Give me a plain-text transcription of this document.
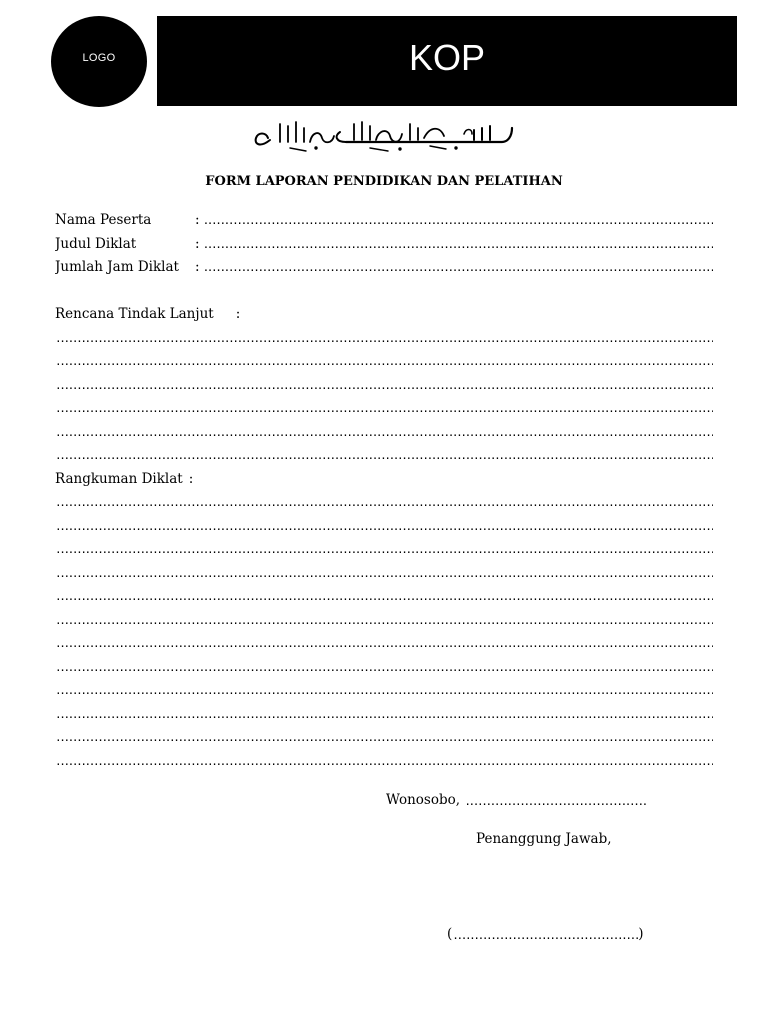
LOGO	KOP
FORM LAPORAN PENDIDIKAN DAN PELATIHAN
Nama Peserta	:
.....
Judul Diklat	:
.....
Jumlah Jam Diklat	:
.....
Rencana Tindak Lanjut :
.....
.....
.....
.....
.....
.....
Rangkuman Diklat :
.....
.....
.....
.....
.....
.....
.....
.....
.....
.....
.....
.....
Wonosobo, .....
Penanggung Jawab,
(.....	)
